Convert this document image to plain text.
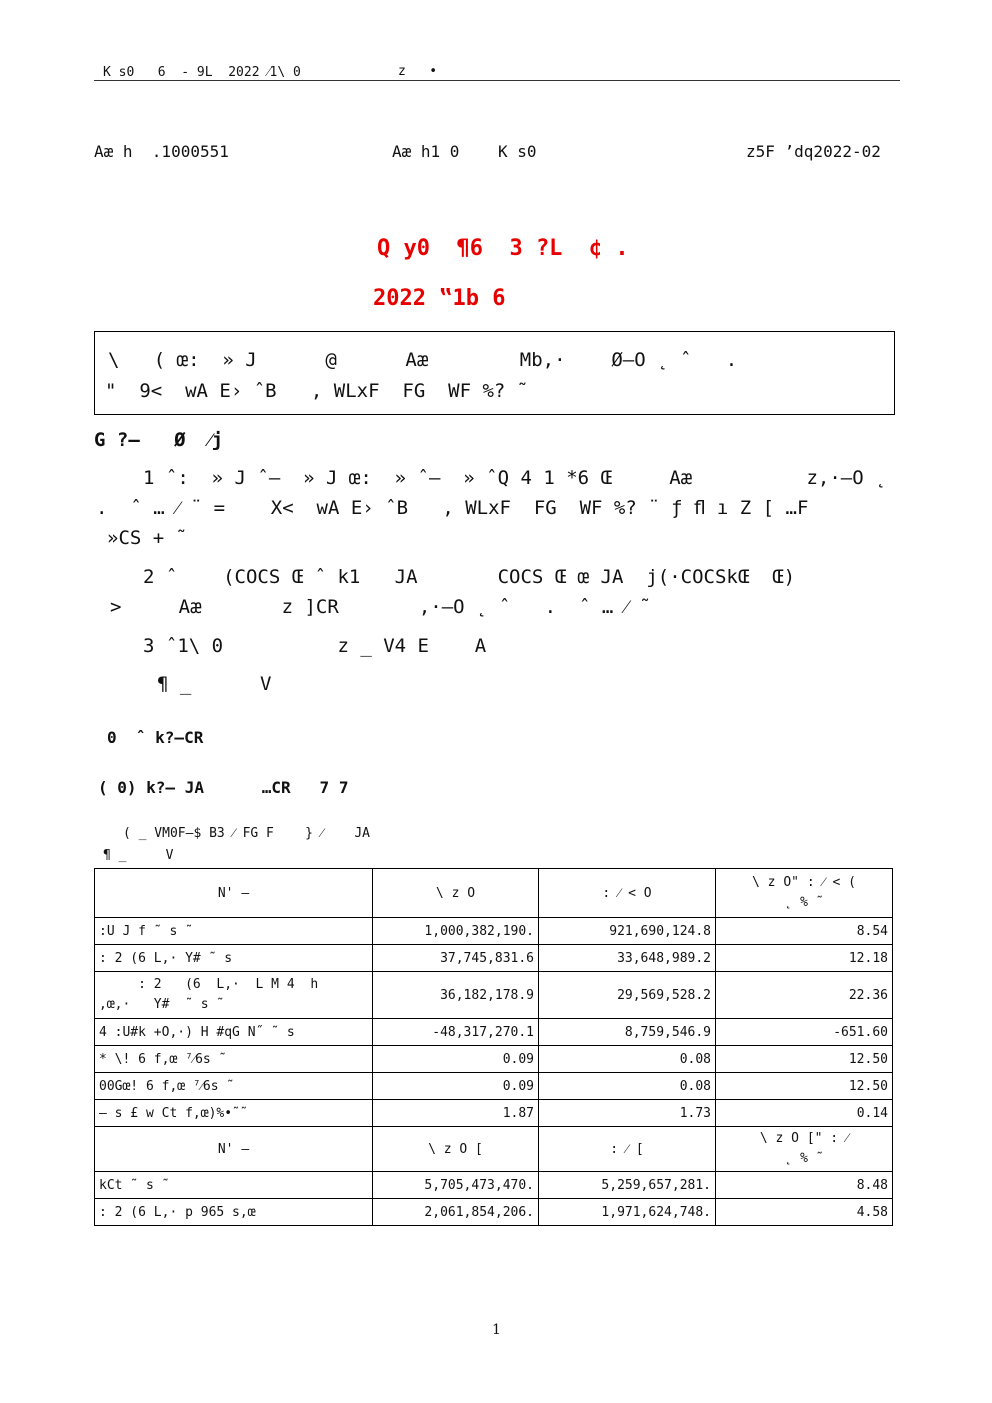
K s0   6  - 9L  2022 ⁄1\ 0	z   •
Aæ h  .1000551	Aæ h1 0    K s0	z5F ’dq2022-02
Q y0  ¶6  3 ?L  ¢ .
2022 ‟1b 6
\   ( œ:  » J      @      Aæ        Mb,·    Ø–O ˛ ˆ   .
"  9<  wA E› ˆB   , WLxF  FG  WF %? ˜
G ?–   Ø  ⁄j
1 ˆ:  » J ˆ–  » J œ:  » ˆ–  » ˆQ 4 1 *6 Œ     Aæ          z,·–O ˛
.  ˆ … ⁄ ¨ =    X<  wA E› ˆB   , WLxF  FG  WF %? ¨ ƒ ﬂ ı Z [ …F
»CS + ˜
2 ˆ    (COCS Œ ˆ k1   JA       COCS Œ œ JA  j(·COCSkŒ  Œ)
>     Aæ       z ]CR       ,·–O ˛ ˆ   .  ˆ … ⁄ ˜
3 ˆ1\ 0          z _ V4 E    A
¶ _      V
0  ˆ k?–CR
( 0) k?– JA      …CR   7 7
( _ VM0F–$ B3 ⁄ FG F    } ⁄    JA
¶ _     V
N' –	\ z O	: ⁄ < O	\ z O" : ⁄ < (
˛ % ˜

:U J f ˜ s ˜	1,000,382,190.	921,690,124.8	8.54
: 2 (6 L,· Y# ˜ s	37,745,831.6	33,648,989.2	12.18

: 2   (6  L,·  L M 4  h
,œ,·   Y#  ˜ s ˜	36,182,178.9	29,569,528.2	22.36
4 :U#k +O,·) H #qG N˝ ˜ s	-48,317,270.1	8,759,546.9	-651.60
* \! 6 f,œ ⁷⁄6s ˜	0.09	0.08	12.50
00Gœ! 6 f,œ ⁷⁄6s ˜	0.09	0.08	12.50
— s £ w Ct f,œ)%•˜˜	1.87	1.73	0.14
N' –	\ z O [	: ⁄ [	\ z O [" : ⁄
˛ % ˜

kCt ˜ s ˜	5,705,473,470.	5,259,657,281.	8.48
: 2 (6 L,· p 965 s,œ	2,061,854,206.	1,971,624,748.	4.58
1
